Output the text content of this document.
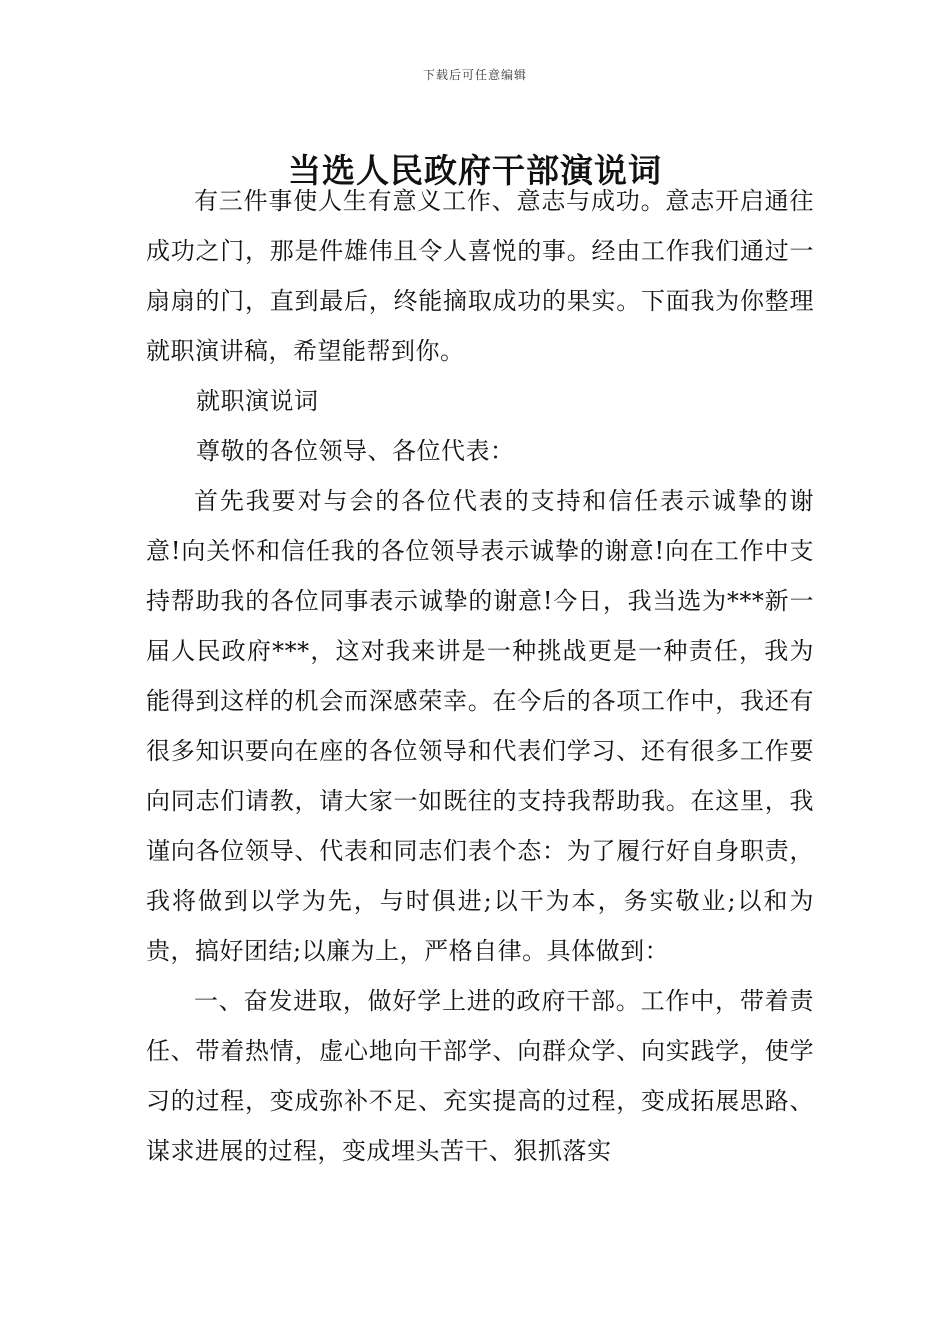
下载后可任意编辑
当选人民政府干部演说词

有三件事使人生有意义工作、意志与成功。意志开启通往成功之门，那是件雄伟且令人喜悦的事。经由工作我们通过一扇扇的门，直到最后，终能摘取成功的果实。下面我为你整理就职演讲稿，希望能帮到你。

就职演说词

尊敬的各位领导、各位代表：

首先我要对与会的各位代表的支持和信任表示诚挚的谢意!向关怀和信任我的各位领导表示诚挚的谢意!向在工作中支持帮助我的各位同事表示诚挚的谢意!今日，我当选为***新一届人民政府***，这对我来讲是一种挑战更是一种责任，我为能得到这样的机会而深感荣幸。在今后的各项工作中，我还有很多知识要向在座的各位领导和代表们学习、还有很多工作要向同志们请教，请大家一如既往的支持我帮助我。在这里，我谨向各位领导、代表和同志们表个态：为了履行好自身职责，我将做到以学为先，与时俱进;以干为本，务实敬业;以和为贵，搞好团结;以廉为上，严格自律。具体做到：

一、奋发进取，做好学上进的政府干部。工作中，带着责任、带着热情，虚心地向干部学、向群众学、向实践学，使学习的过程，变成弥补不足、充实提高的过程，变成拓展思路、谋求进展的过程，变成埋头苦干、狠抓落实
